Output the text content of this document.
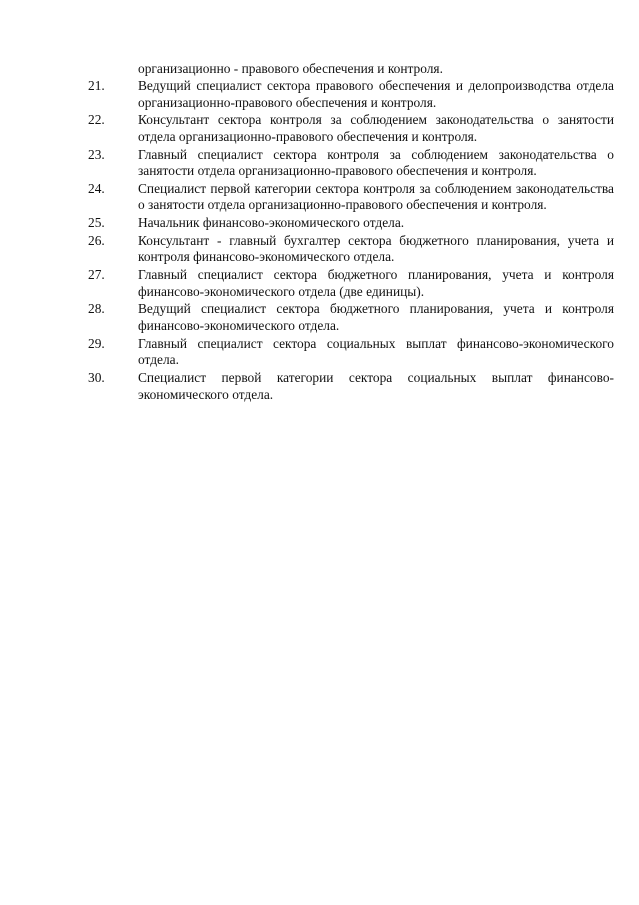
организационно - правового обеспечения и контроля.
21.	Ведущий специалист сектора правового обеспечения и делопроизводства отдела организационно-правового обеспечения и контроля.
22.	Консультант сектора контроля за соблюдением законодательства о занятости отдела организационно-правового обеспечения и контроля.
23.	Главный специалист сектора контроля за соблюдением законодательства о занятости отдела организационно-правового обеспечения и контроля.
24.	Специалист первой категории сектора контроля за соблюдением законодательства о занятости отдела организационно-правового обеспечения и контроля.
25.	Начальник финансово-экономического отдела.
26.	Консультант - главный бухгалтер сектора бюджетного планирования, учета и контроля финансово-экономического отдела.
27.	Главный специалист сектора бюджетного планирования, учета и контроля финансово-экономического отдела (две единицы).
28.	Ведущий специалист сектора бюджетного планирования, учета и контроля финансово-экономического отдела.
29.	Главный специалист сектора социальных выплат финансово-экономического отдела.
30.	Специалист первой категории сектора социальных выплат финансово-экономического отдела.
